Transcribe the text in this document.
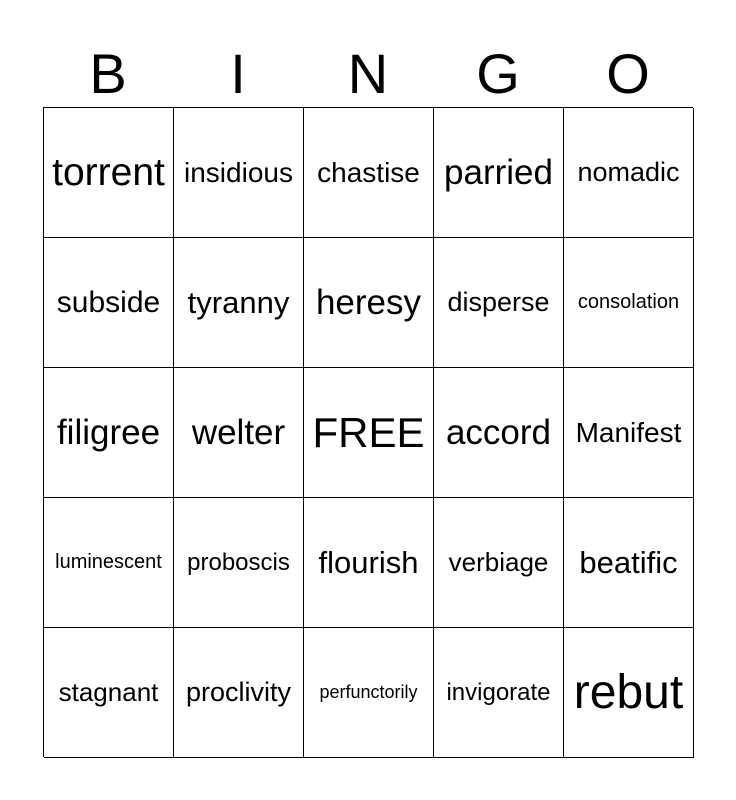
B	I	N	G	O
torrent insidious chastise parried nomadic
subside tyranny heresy disperse consolation
filigree welter FREE accord Manifest
luminescent proboscis flourish verbiage beatific
stagnant proclivity perfunctorily invigorate rebut
